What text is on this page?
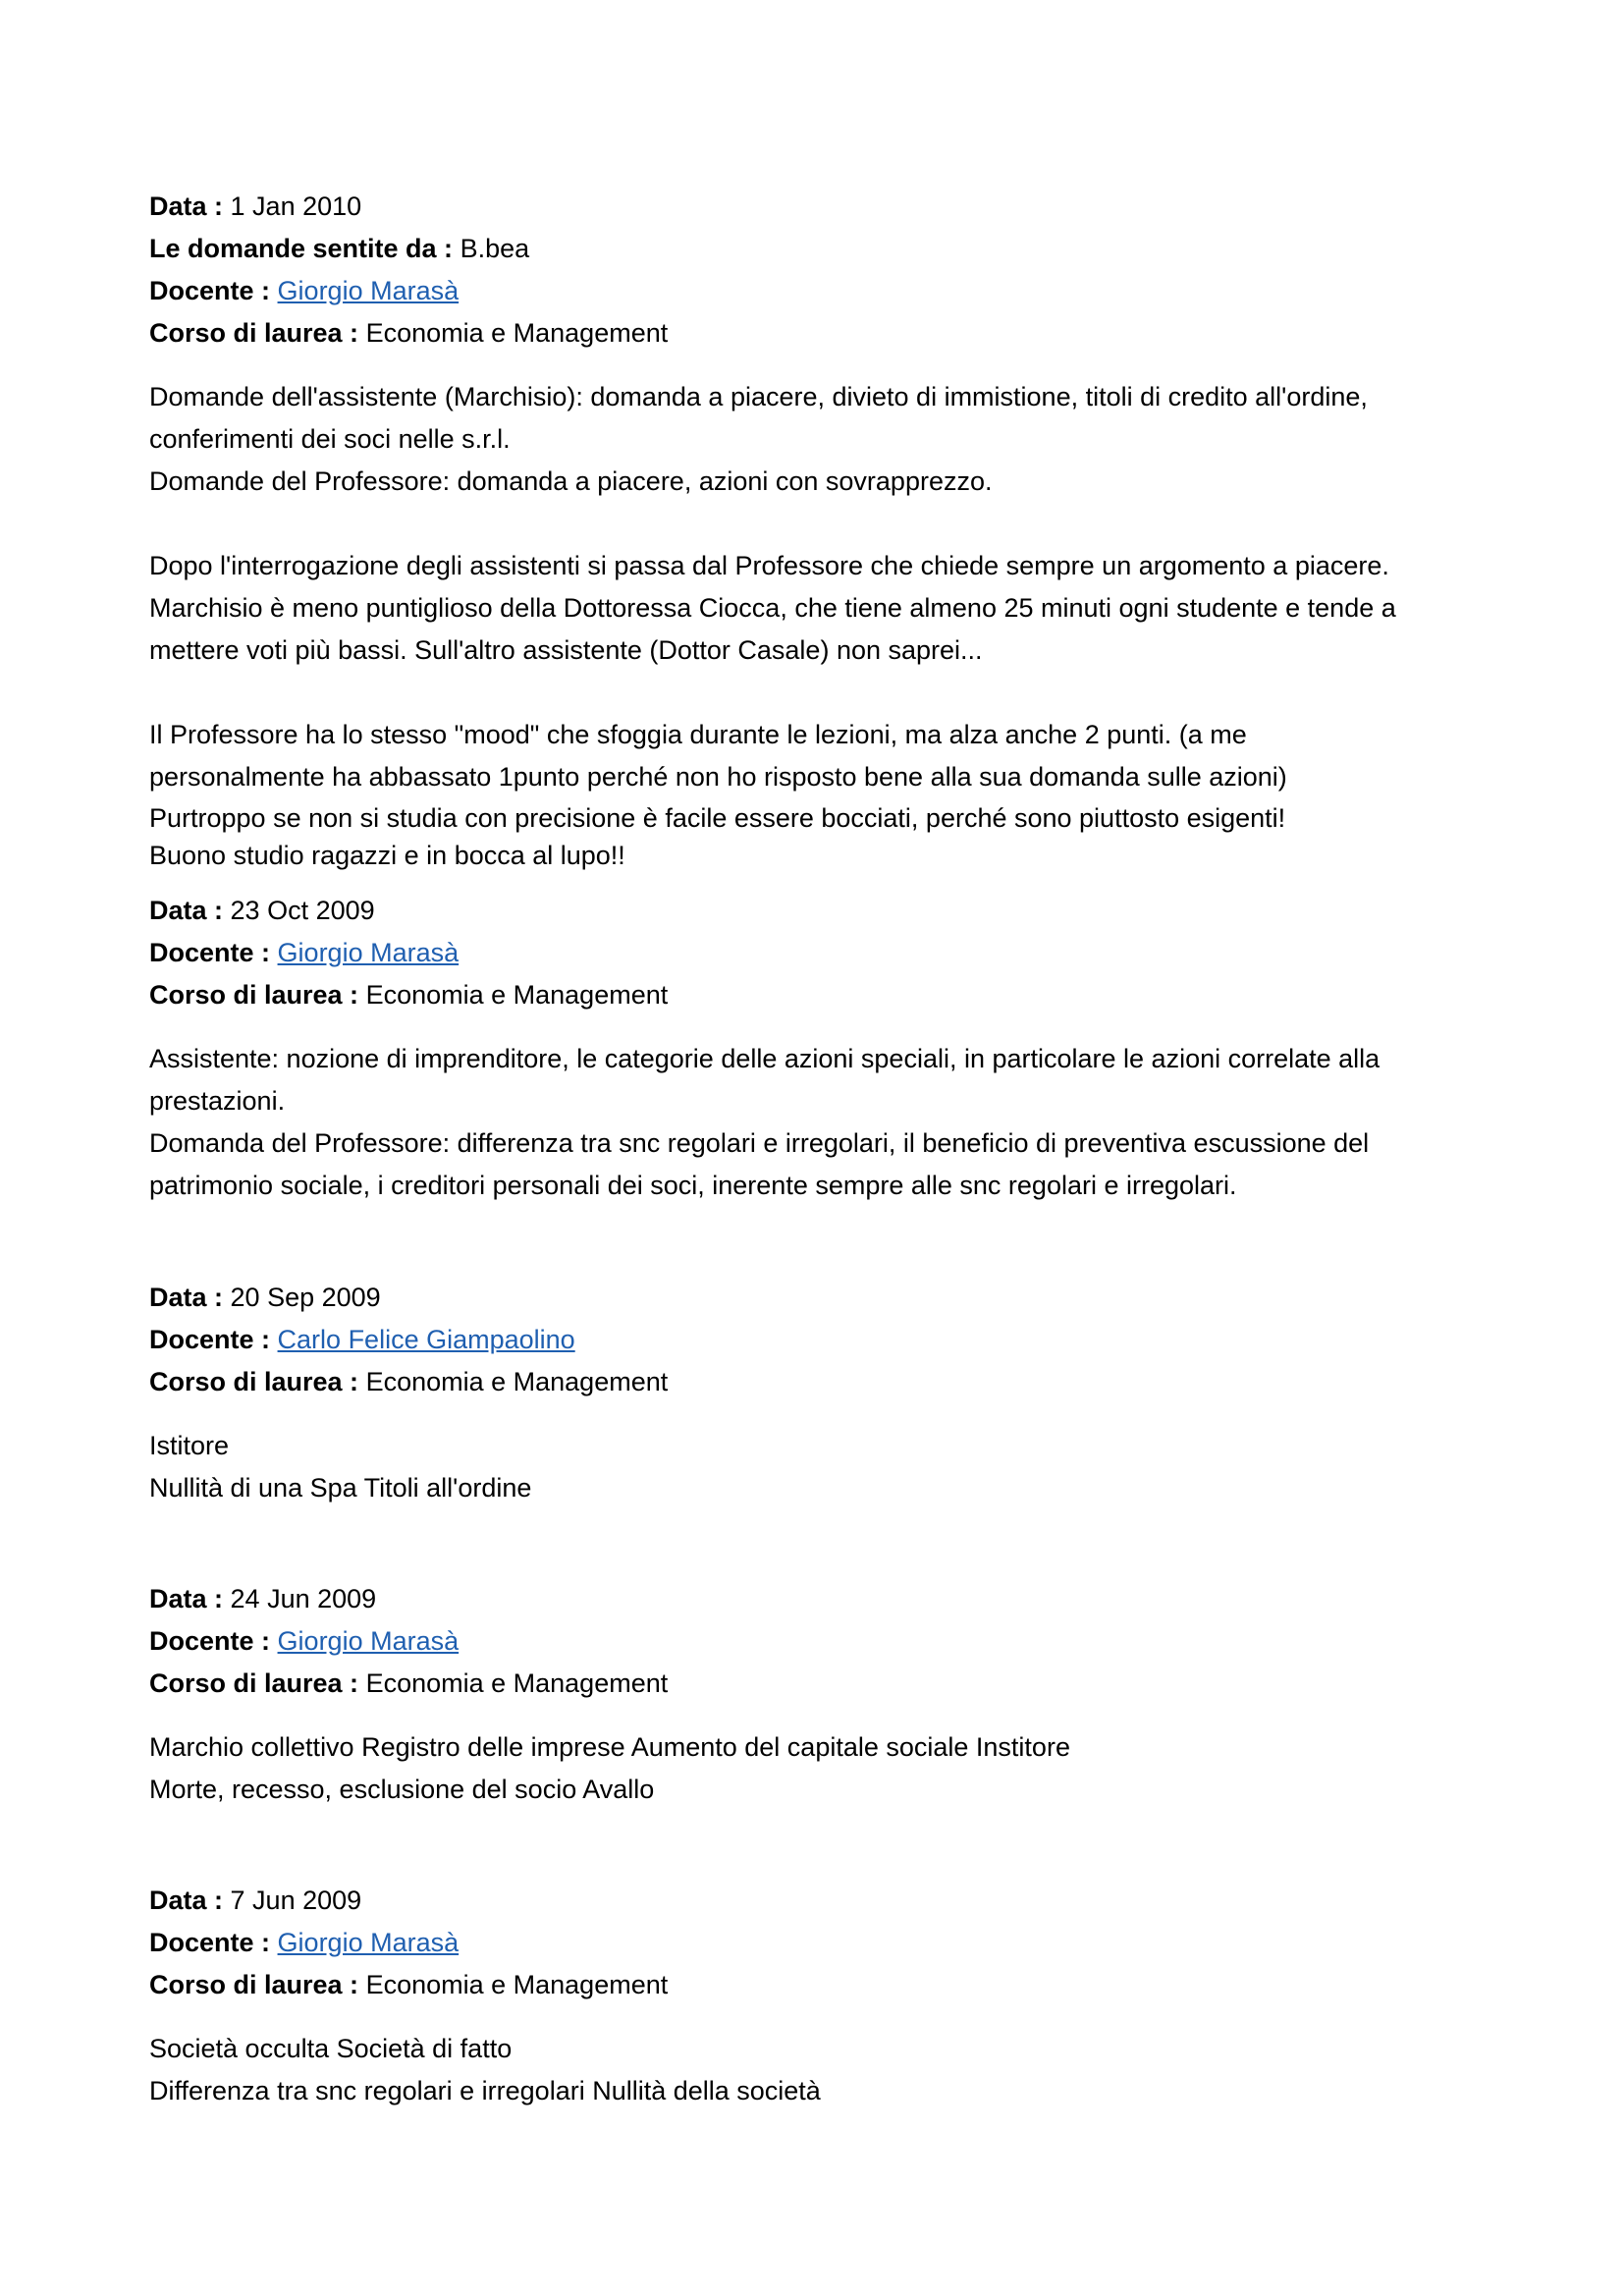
Data : 1 Jan 2010
Le domande sentite da : B.bea
Docente : Giorgio Marasà
Corso di laurea : Economia e Management
Domande dell'assistente (Marchisio): domanda a piacere, divieto di immistione, titoli di credito all'ordine,
conferimenti dei soci nelle s.r.l.
Domande del Professore: domanda a piacere, azioni con sovrapprezzo.

Dopo l'interrogazione degli assistenti si passa dal Professore che chiede sempre un argomento a piacere.
Marchisio è meno puntiglioso della Dottoressa Ciocca, che tiene almeno 25 minuti ogni studente e tende a
mettere voti più bassi. Sull'altro assistente (Dottor Casale) non saprei...

Il Professore ha lo stesso "mood" che sfoggia durante le lezioni, ma alza anche 2 punti. (a me
personalmente ha abbassato 1punto perché non ho risposto bene alla sua domanda sulle azioni)
Purtroppo se non si studia con precisione è facile essere bocciati, perché sono piuttosto esigenti!
Buono studio ragazzi e in bocca al lupo!!
Data : 23 Oct 2009
Docente : Giorgio Marasà
Corso di laurea : Economia e Management
Assistente: nozione di imprenditore, le categorie delle azioni speciali, in particolare le azioni correlate alla
prestazioni.
Domanda del Professore: differenza tra snc regolari e irregolari, il beneficio di preventiva escussione del
patrimonio sociale, i creditori personali dei soci, inerente sempre alle snc regolari e irregolari.
Data : 20 Sep 2009
Docente : Carlo Felice Giampaolino
Corso di laurea : Economia e Management
Istitore
Nullità di una Spa Titoli all'ordine
Data : 24 Jun 2009
Docente : Giorgio Marasà
Corso di laurea : Economia e Management
Marchio collettivo Registro delle imprese Aumento del capitale sociale Institore
Morte, recesso, esclusione del socio Avallo
Data : 7 Jun 2009
Docente : Giorgio Marasà
Corso di laurea : Economia e Management
Società occulta Società di fatto
Differenza tra snc regolari e irregolari Nullità della società
